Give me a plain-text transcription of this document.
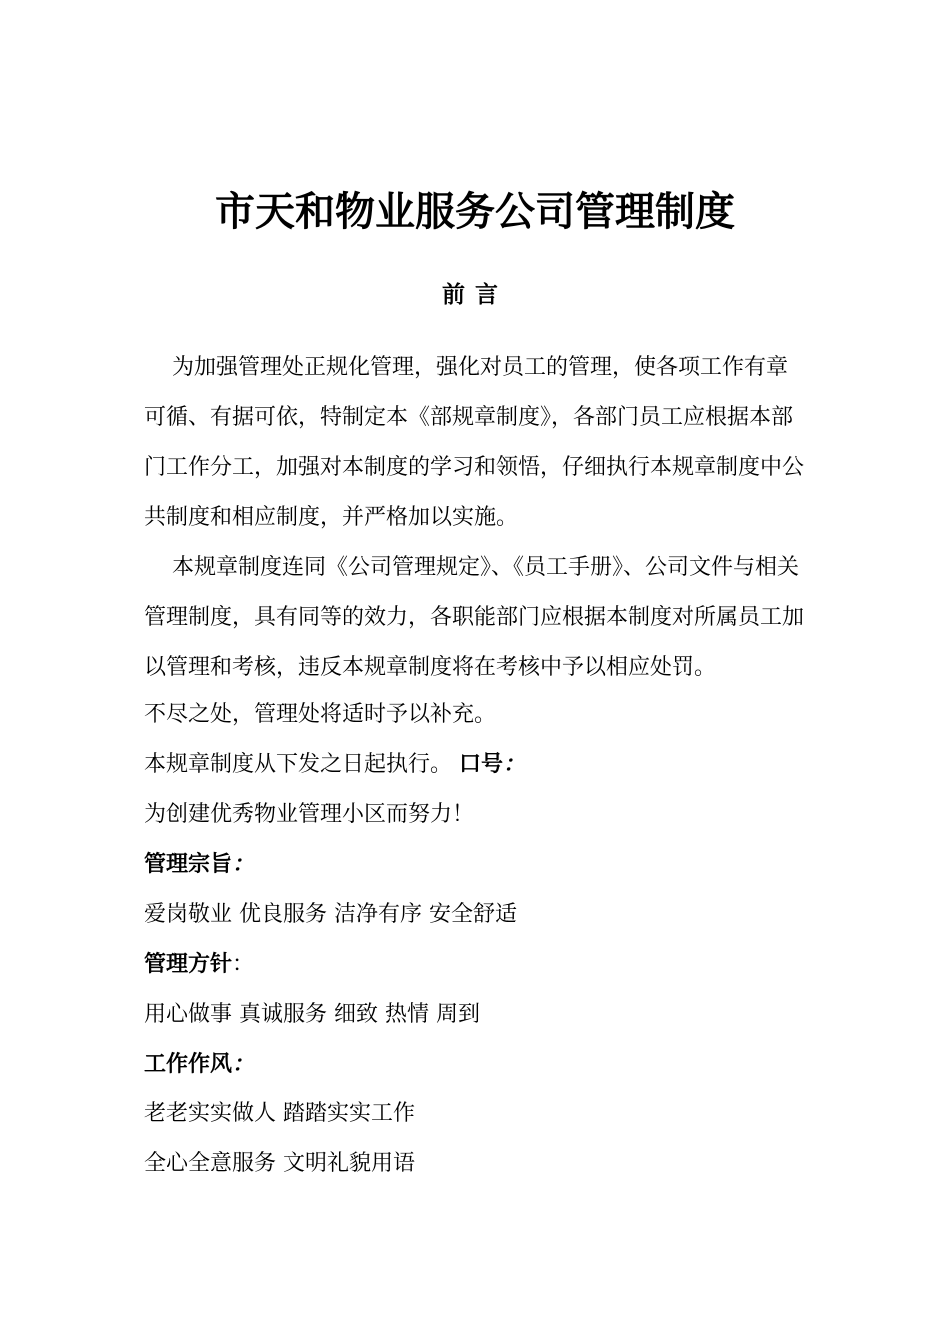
市天和物业服务公司管理制度
前言

为加强管理处正规化管理，强化对员工的管理，使各项工作有章可循、有据可依，特制定本《部规章制度》，各部门员工应根据本部门工作分工，加强对本制度的学习和领悟，仔细执行本规章制度中公共制度和相应制度，并严格加以实施。

本规章制度连同《公司管理规定》、《员工手册》、公司文件与相关管理制度，具有同等的效力，各职能部门应根据本制度对所属员工加以管理和考核，违反本规章制度将在考核中予以相应处罚。

不尽之处，管理处将适时予以补充。

本规章制度从下发之日起执行。 口号：

为创建优秀物业管理小区而努力！

管理宗旨：

爱岗敬业 优良服务 洁净有序 安全舒适

管理方针：

用心做事 真诚服务 细致 热情 周到

工作作风：

老老实实做人 踏踏实实工作

全心全意服务 文明礼貌用语
